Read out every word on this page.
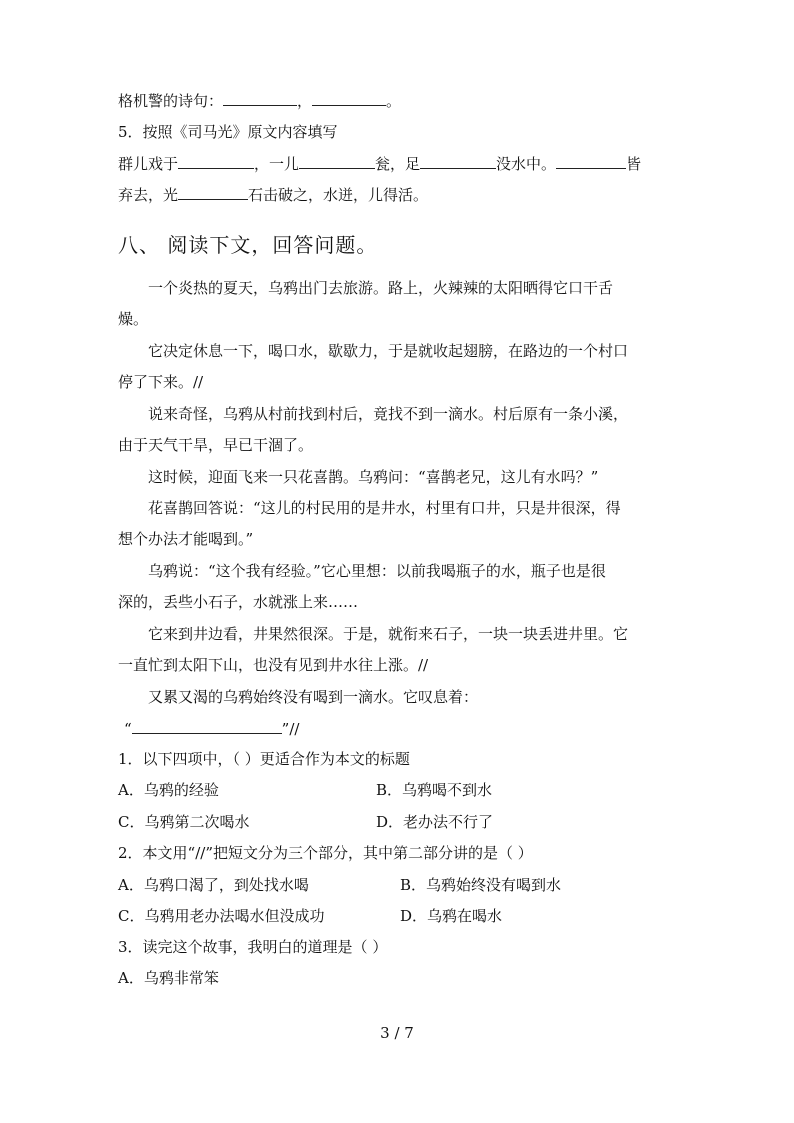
格机警的诗句：	，	。
5．按照《司马光》原文内容填写
群儿戏于	，一儿	瓮，足	没水中。	皆
弃去，光	石击破之，水迸，儿得活。
八、 阅读下文，回答问题。
一个炎热的夏天，乌鸦出门去旅游。路上，火辣辣的太阳晒得它口干舌
燥。
它决定休息一下，喝口水，歇歇力，于是就收起翅膀，在路边的一个村口
停了下来。//
说来奇怪，乌鸦从村前找到村后，竟找不到一滴水。村后原有一条小溪，
由于天气干旱，早已干涸了。
这时候，迎面飞来一只花喜鹊。乌鸦问：“喜鹊老兄，这儿有水吗？”
花喜鹊回答说：“这儿的村民用的是井水，村里有口井，只是井很深，得
想个办法才能喝到。”
乌鸦说：“这个我有经验。”它心里想：以前我喝瓶子的水，瓶子也是很
深的，丢些小石子，水就涨上来……
它来到井边看，井果然很深。于是，就衔来石子，一块一块丢进井里。它
一直忙到太阳下山，也没有见到井水往上涨。//
又累又渴的乌鸦始终没有喝到一滴水。它叹息着：
“	”//
1．以下四项中，（ ）更适合作为本文的标题
A．乌鸦的经验	B．乌鸦喝不到水
C．乌鸦第二次喝水	D．老办法不行了
2．本文用“//”把短文分为三个部分，其中第二部分讲的是（ ）
A．乌鸦口渴了，到处找水喝	B．乌鸦始终没有喝到水
C．乌鸦用老办法喝水但没成功	D．乌鸦在喝水
3．读完这个故事，我明白的道理是（ ）
A．乌鸦非常笨
3 / 7
